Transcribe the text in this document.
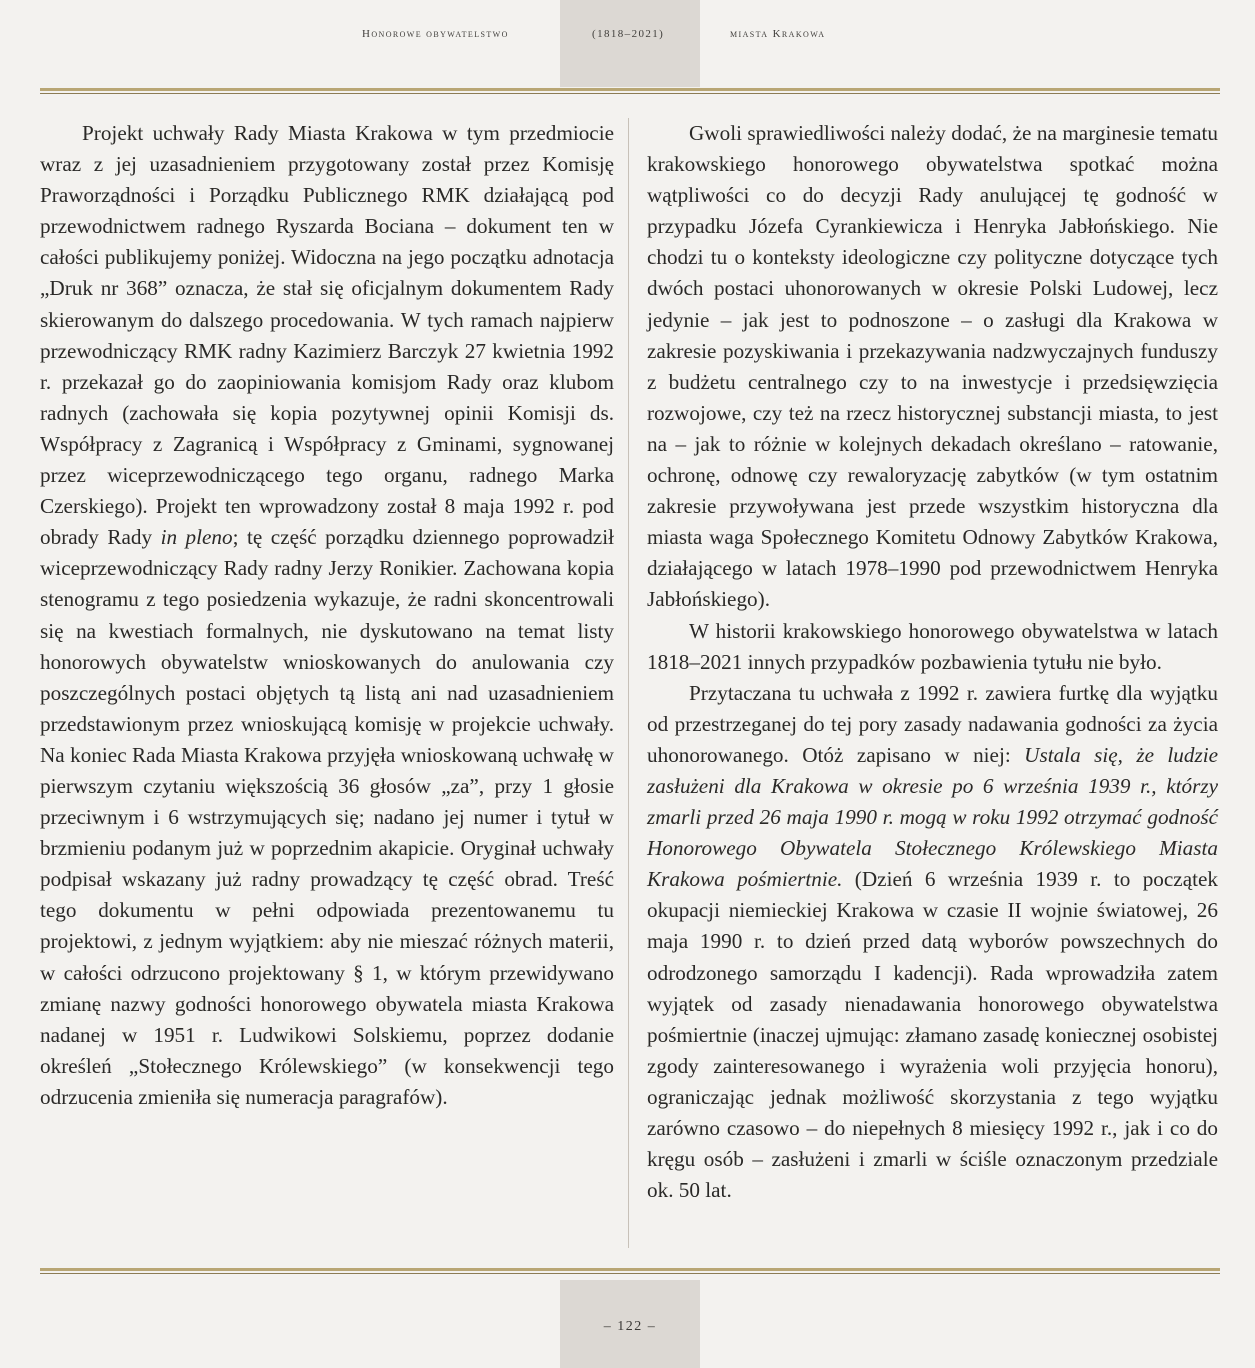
Honorowe obywatelstwo	(1818–2021)	miasta Krakowa

Projekt uchwały Rady Miasta Krakowa w tym przedmiocie wraz z jej uzasadnieniem przygotowany został przez Komisję Praworządności i Porządku Publicznego RMK działającą pod przewodnictwem radnego Ryszarda Bociana – dokument ten w całości publikujemy poniżej. Widoczna na jego początku adnotacja „Druk nr 368” oznacza, że stał się oficjalnym dokumentem Rady skierowanym do dalszego procedowania. W tych ramach najpierw przewodniczący RMK radny Kazimierz Barczyk 27 kwietnia 1992 r. przekazał go do zaopiniowania komisjom Rady oraz klubom radnych (zachowała się kopia pozytywnej opinii Komisji ds. Współpracy z Zagranicą i Współpracy z Gminami, sygnowanej przez wiceprzewodniczącego tego organu, radnego Marka Czerskiego). Projekt ten wprowadzony został 8 maja 1992 r. pod obrady Rady in pleno; tę część porządku dziennego poprowadził wiceprzewodniczący Rady radny Jerzy Ronikier. Zachowana kopia stenogramu z tego posiedzenia wykazuje, że radni skoncentrowali się na kwestiach formalnych, nie dyskutowano na temat listy honorowych obywatelstw wnioskowanych do anulowania czy poszczególnych postaci objętych tą listą ani nad uzasadnieniem przedstawionym przez wnioskującą komisję w projekcie uchwały. Na koniec Rada Miasta Krakowa przyjęła wnioskowaną uchwałę w pierwszym czytaniu większością 36 głosów „za”, przy 1 głosie przeciwnym i 6 wstrzymujących się; nadano jej numer i tytuł w brzmieniu podanym już w poprzednim akapicie. Oryginał uchwały podpisał wskazany już radny prowadzący tę część obrad. Treść tego dokumentu w pełni odpowiada prezentowanemu tu projektowi, z jednym wyjątkiem: aby nie mieszać różnych materii, w całości odrzucono projektowany § 1, w którym przewidywano zmianę nazwy godności honorowego obywatela miasta Krakowa nadanej w 1951 r. Ludwikowi Solskiemu, poprzez dodanie określeń „Stołecznego Królewskiego” (w konsekwencji tego odrzucenia zmieniła się numeracja paragrafów).

Gwoli sprawiedliwości należy dodać, że na marginesie tematu krakowskiego honorowego obywatelstwa spotkać można wątpliwości co do decyzji Rady anulującej tę godność w przypadku Józefa Cyrankiewicza i Henryka Jabłońskiego. Nie chodzi tu o konteksty ideologiczne czy polityczne dotyczące tych dwóch postaci uhonorowanych w okresie Polski Ludowej, lecz jedynie – jak jest to podnoszone – o zasługi dla Krakowa w zakresie pozyskiwania i przekazywania nadzwyczajnych funduszy z budżetu centralnego czy to na inwestycje i przedsięwzięcia rozwojowe, czy też na rzecz historycznej substancji miasta, to jest na – jak to różnie w kolejnych dekadach określano – ratowanie, ochronę, odnowę czy rewaloryzację zabytków (w tym ostatnim zakresie przywoływana jest przede wszystkim historyczna dla miasta waga Społecznego Komitetu Odnowy Zabytków Krakowa, działającego w latach 1978–1990 pod przewodnictwem Henryka Jabłońskiego).

W historii krakowskiego honorowego obywatelstwa w latach 1818–2021 innych przypadków pozbawienia tytułu nie było.

Przytaczana tu uchwała z 1992 r. zawiera furtkę dla wyjątku od przestrzeganej do tej pory zasady nadawania godności za życia uhonorowanego. Otóż zapisano w niej: Ustala się, że ludzie zasłużeni dla Krakowa w okresie po 6 września 1939 r., którzy zmarli przed 26 maja 1990 r. mogą w roku 1992 otrzymać godność Honorowego Obywatela Stołecznego Królewskiego Miasta Krakowa pośmiertnie. (Dzień 6 września 1939 r. to początek okupacji niemieckiej Krakowa w czasie II wojnie światowej, 26 maja 1990 r. to dzień przed datą wyborów powszechnych do odrodzonego samorządu I kadencji). Rada wprowadziła zatem wyjątek od zasady nienadawania honorowego obywatelstwa pośmiertnie (inaczej ujmując: złamano zasadę koniecznej osobistej zgody zainteresowanego i wyrażenia woli przyjęcia honoru), ograniczając jednak możliwość skorzystania z tego wyjątku zarówno czasowo – do niepełnych 8 miesięcy 1992 r., jak i co do kręgu osób – zasłużeni i zmarli w ściśle oznaczonym przedziale ok. 50 lat.

– 122 –
